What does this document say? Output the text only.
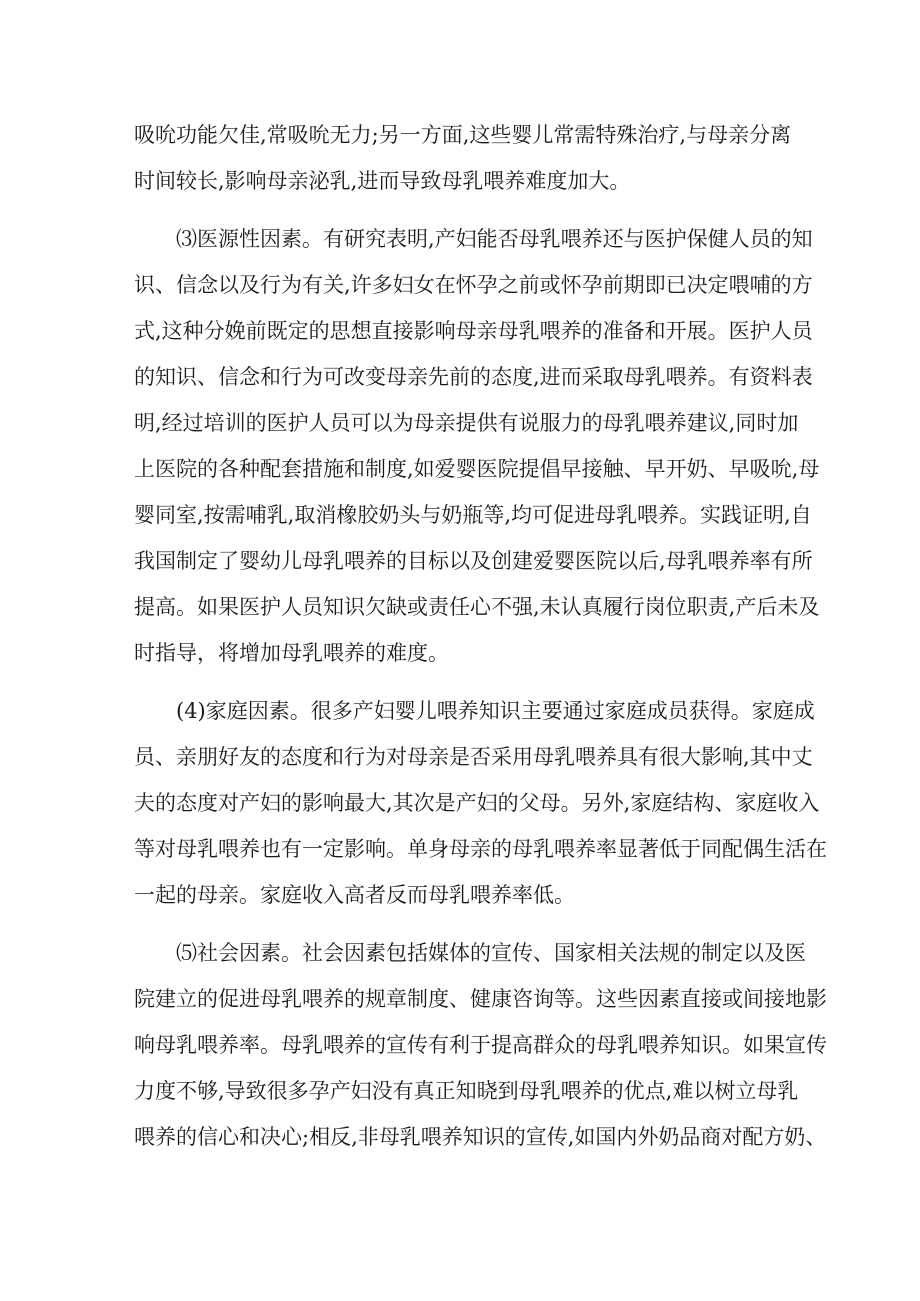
吸吮功能欠佳,常吸吮无力;另一方面,这些婴儿常需特殊治疗,与母亲分离
时间较长,影响母亲泌乳,进而导致母乳喂养难度加大。
⑶医源性因素。有研究表明,产妇能否母乳喂养还与医护保健人员的知
识、信念以及行为有关,许多妇女在怀孕之前或怀孕前期即已决定喂哺的方
式,这种分娩前既定的思想直接影响母亲母乳喂养的准备和开展。医护人员
的知识、信念和行为可改变母亲先前的态度,进而采取母乳喂养。有资料表
明,经过培训的医护人员可以为母亲提供有说服力的母乳喂养建议,同时加
上医院的各种配套措施和制度,如爱婴医院提倡早接触、早开奶、早吸吮,母
婴同室,按需哺乳,取消橡胶奶头与奶瓶等,均可促进母乳喂养。实践证明,自
我国制定了婴幼儿母乳喂养的目标以及创建爱婴医院以后,母乳喂养率有所
提高。如果医护人员知识欠缺或责任心不强,未认真履行岗位职责,产后未及
时指导，将增加母乳喂养的难度。
(4)家庭因素。很多产妇婴儿喂养知识主要通过家庭成员获得。家庭成
员、亲朋好友的态度和行为对母亲是否采用母乳喂养具有很大影响,其中丈
夫的态度对产妇的影响最大,其次是产妇的父母。另外,家庭结构、家庭收入
等对母乳喂养也有一定影响。单身母亲的母乳喂养率显著低于同配偶生活在
一起的母亲。家庭收入高者反而母乳喂养率低。
⑸社会因素。社会因素包括媒体的宣传、国家相关法规的制定以及医
院建立的促进母乳喂养的规章制度、健康咨询等。这些因素直接或间接地影
响母乳喂养率。母乳喂养的宣传有利于提高群众的母乳喂养知识。如果宣传
力度不够,导致很多孕产妇没有真正知晓到母乳喂养的优点,难以树立母乳
喂养的信心和决心;相反,非母乳喂养知识的宣传,如国内外奶品商对配方奶、
